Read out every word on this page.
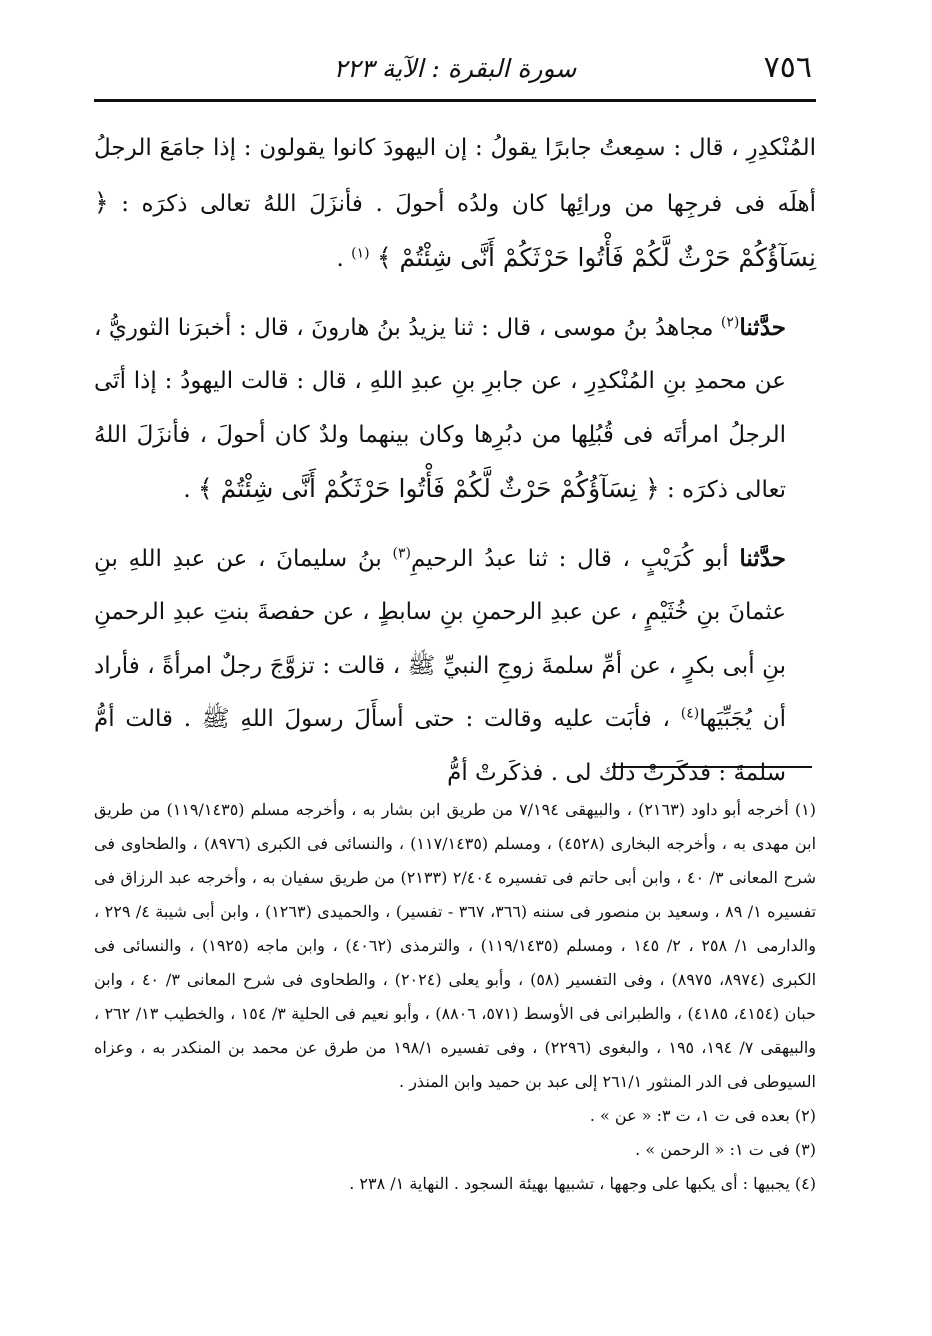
٧٥٦
سورة البقرة : الآية ٢٢٣

المُنْكدِرِ ، قال : سمِعتُ جابرًا يقولُ : إن اليهودَ كانوا يقولون : إذا جامَعَ الرجلُ أهلَه فى فرجِها من ورائِها كان ولدُه أحولَ . فأنزَلَ اللهُ تعالى ذكرَه : ﴿ نِسَآؤُكُمْ حَرْثٌ لَّكُمْ فَأْتُوا حَرْثَكُمْ أَنَّى شِئْتُمْ ﴾ $^{(١)}$ .

حدَّثنا$^{(٢)}$ مجاهدُ بنُ موسى ، قال : ثنا يزيدُ بنُ هارونَ ، قال : أخبرَنا الثوريُّ ، عن محمدِ بنِ المُنْكدِرِ ، عن جابرِ بنِ عبدِ اللهِ ، قال : قالت اليهودُ : إذا أتَى الرجلُ امرأتَه فى قُبُلِها من دبُرِها وكان بينهما ولدٌ كان أحولَ ، فأنزَلَ اللهُ تعالى ذكرَه : ﴿ نِسَآؤُكُمْ حَرْثٌ لَّكُمْ فَأْتُوا حَرْثَكُمْ أَنَّى شِئْتُمْ ﴾ .

حدَّثنا أبو كُرَيْبٍ ، قال : ثنا عبدُ الرحيمِ$^{(٣)}$ بنُ سليمانَ ، عن عبدِ اللهِ بنِ عثمانَ بنِ خُثَيْمٍ ، عن عبدِ الرحمنِ بنِ سابطٍ ، عن حفصةَ بنتِ عبدِ الرحمنِ بنِ أبى بكرٍ ، عن أمِّ سلمةَ زوجِ النبيِّ ﷺ ، قالت : تزوَّجَ رجلٌ امرأةً ، فأراد أن يُجَبِّيَها$^{(٤)}$ ، فأبَت عليه وقالت : حتى أسأَلَ رسولَ اللهِ ﷺ . قالت أمُّ سلمةَ : فذكَرتْ ذلك لى . فذكَرتْ أمُّ

(١) أخرجه أبو داود (٢١٦٣) ، والبيهقى ٧/١٩٤ من طريق ابن بشار به ، وأخرجه مسلم (١١٩/١٤٣٥) من طريق ابن مهدى به ، وأخرجه البخارى (٤٥٢٨) ، ومسلم (١١٧/١٤٣٥) ، والنسائى فى الكبرى (٨٩٧٦) ، والطحاوى فى شرح المعانى ٣/ ٤٠ ، وابن أبى حاتم فى تفسيره ٢/٤٠٤ (٢١٣٣) من طريق سفيان به ، وأخرجه عبد الرزاق فى تفسيره ١/ ٨٩ ، وسعيد بن منصور فى سننه (٣٦٦، ٣٦٧ - تفسير) ، والحميدى (١٢٦٣) ، وابن أبى شيبة ٤/ ٢٢٩ ، والدارمى ١/ ٢٥٨ ، ٢/ ١٤٥ ، ومسلم (١١٩/١٤٣٥) ، والترمذى (٤٠٦٢) ، وابن ماجه (١٩٢٥) ، والنسائى فى الكبرى (٨٩٧٤، ٨٩٧٥) ، وفى التفسير (٥٨) ، وأبو يعلى (٢٠٢٤) ، والطحاوى فى شرح المعانى ٣/ ٤٠ ، وابن حبان (٤١٥٤، ٤١٨٥) ، والطبرانى فى الأوسط (٥٧١، ٨٨٠٦) ، وأبو نعيم فى الحلية ٣/ ١٥٤ ، والخطيب ١٣/ ٢٦٢ ، والبيهقى ٧/ ١٩٤، ١٩٥ ، والبغوى (٢٢٩٦) ، وفى تفسيره ١٩٨/١ من طرق عن محمد بن المنكدر به ، وعزاه السيوطى فى الدر المنثور ٢٦١/١ إلى عبد بن حميد وابن المنذر .

(٢) بعده فى ت ١، ت ٣: « عن » .

(٣) فى ت ١: « الرحمن » .

(٤) يجبيها : أى يكبها على وجهها ، تشبيها بهيئة السجود . النهاية ١/ ٢٣٨ .
